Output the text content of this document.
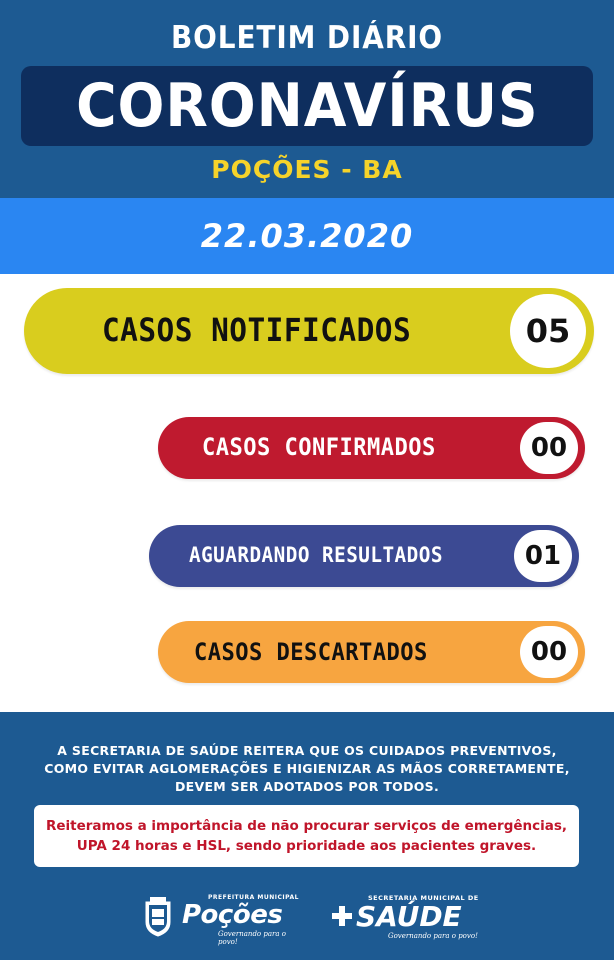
BOLETIM DIÁRIO
CORONAVÍRUS
POÇÕES - BA
22.03.2020
CASOS NOTIFICADOS	05
CASOS CONFIRMADOS	00
AGUARDANDO RESULTADOS	01
CASOS DESCARTADOS	00
A SECRETARIA DE SAÚDE REITERA QUE OS CUIDADOS PREVENTIVOS,
COMO EVITAR AGLOMERAÇÕES E HIGIENIZAR AS MÃOS CORRETAMENTE,
DEVEM SER ADOTADOS POR TODOS.
Reiteramos a importância de não procurar serviços de emergências,
UPA 24 horas e HSL, sendo prioridade aos pacientes graves.
PREFEITURA MUNICIPAL
Poções
Governando para o povo!
SECRETARIA MUNICIPAL DE
SAÚDE
Governando para o povo!
